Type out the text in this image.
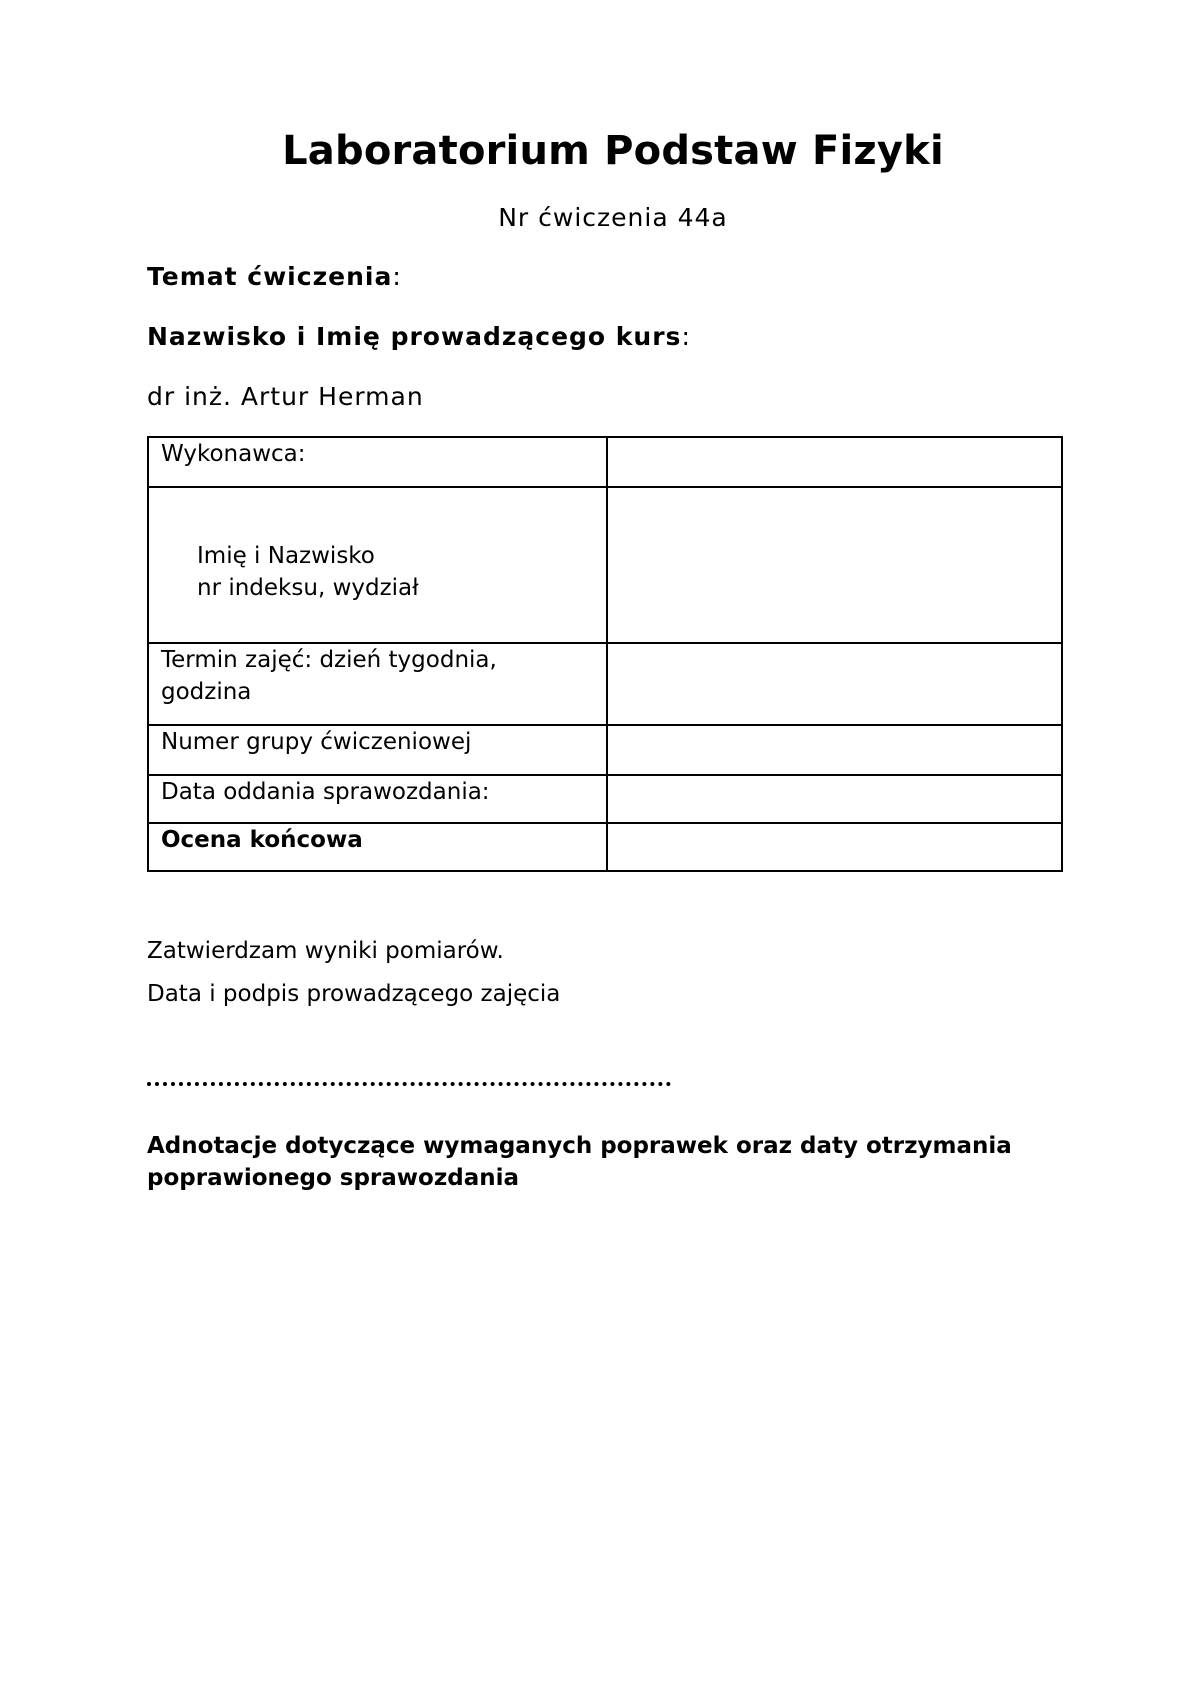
Laboratorium Podstaw Fizyki
Nr ćwiczenia 44a
Temat ćwiczenia:
Nazwisko i Imię prowadzącego kurs:
dr inż. Artur Herman
Wykonawca:	

Imię i Nazwisko
nr indeksu, wydział	

Termin zajęć: dzień tygodnia,
godzina	

Numer grupy ćwiczeniowej	
Data oddania sprawozdania:	
Ocena końcowa	
Zatwierdzam wyniki pomiarów.
Data i podpis prowadzącego zajęcia
Adnotacje dotyczące wymaganych poprawek oraz daty otrzymania
poprawionego sprawozdania
